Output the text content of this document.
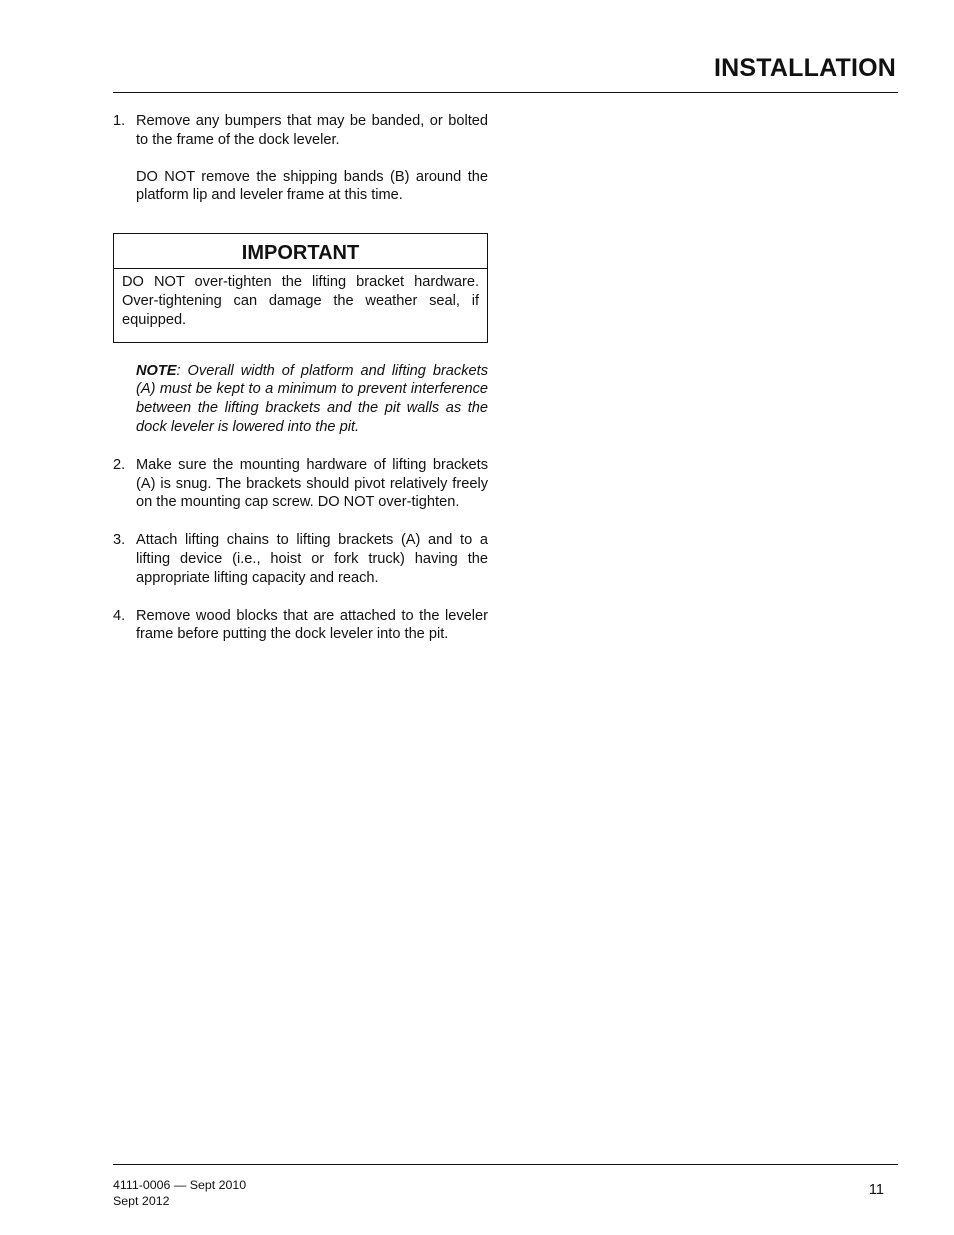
INSTALLATION
1. Remove any bumpers that may be banded, or bolted to the frame of the dock leveler.

DO NOT remove the shipping bands (B) around the platform lip and leveler frame at this time.

IMPORTANT
DO NOT over-tighten the lifting bracket hardware. Over-tightening can damage the weather seal, if equipped.

NOTE: Overall width of platform and lifting brackets (A) must be kept to a minimum to prevent interference between the lifting brackets and the pit walls as the dock leveler is lowered into the pit.

2. Make sure the mounting hardware of lifting brackets (A) is snug. The brackets should pivot relatively freely on the mounting cap screw. DO NOT over-tighten.

3. Attach lifting chains to lifting brackets (A) and to a lifting device (i.e., hoist or fork truck) having the appropriate lifting capacity and reach.

4. Remove wood blocks that are attached to the leveler frame before putting the dock leveler into the pit.

4111-0006 — Sept 2010
Sept 2012
11
